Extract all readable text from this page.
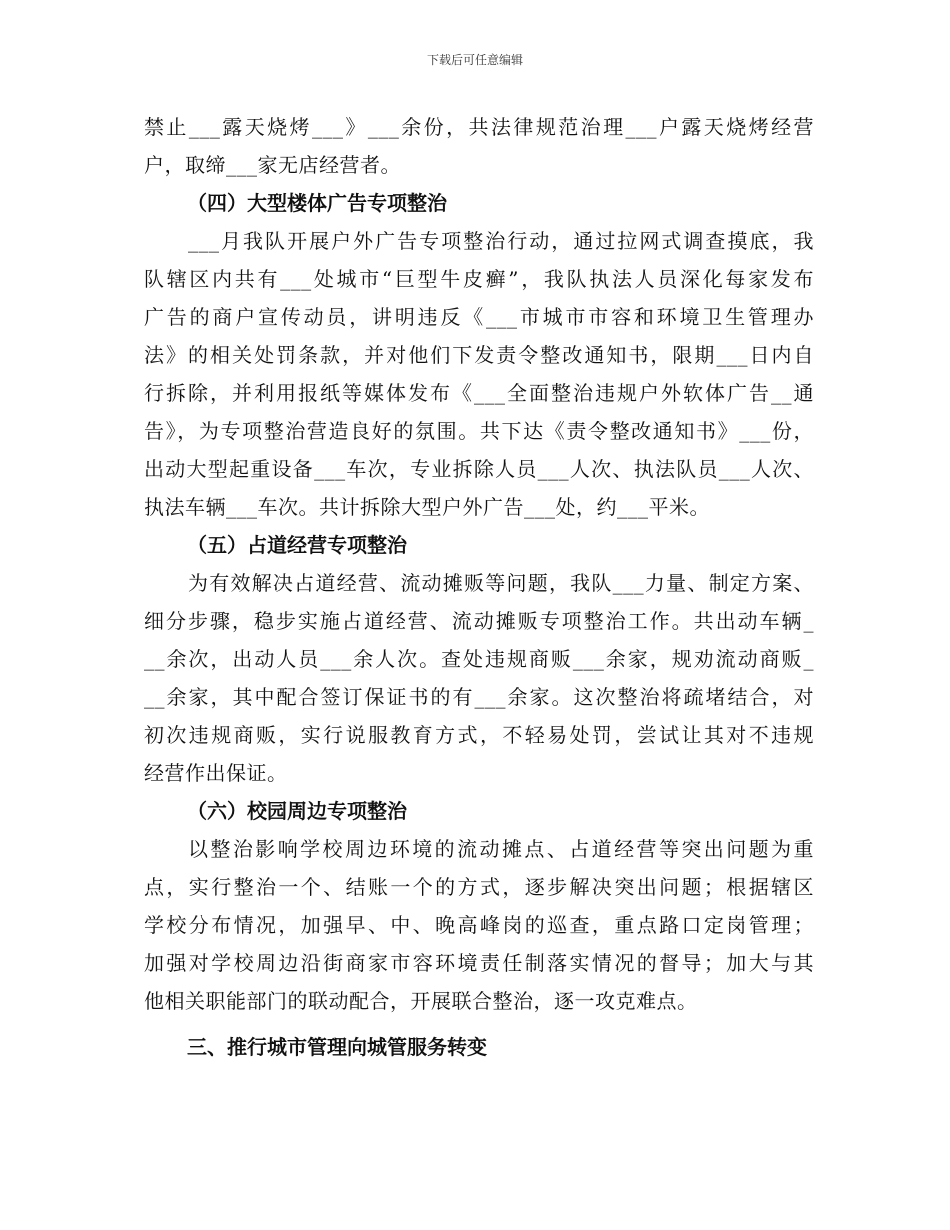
下载后可任意编辑
禁止___露天烧烤___》___余份，共法律规范治理___户露天烧烤经营
户，取缔___家无店经营者。
（四）大型楼体广告专项整治
___月我队开展户外广告专项整治行动，通过拉网式调查摸底，我
队辖区内共有___处城市“巨型牛皮癣”，我队执法人员深化每家发布
广告的商户宣传动员，讲明违反《___市城市市容和环境卫生管理办
法》的相关处罚条款，并对他们下发责令整改通知书，限期___日内自
行拆除，并利用报纸等媒体发布《___全面整治违规户外软体广告__通
告》，为专项整治营造良好的氛围。共下达《责令整改通知书》___份，
出动大型起重设备___车次，专业拆除人员___人次、执法队员___人次、
执法车辆___车次。共计拆除大型户外广告___处，约___平米。
（五）占道经营专项整治
为有效解决占道经营、流动摊贩等问题，我队___力量、制定方案、
细分步骤，稳步实施占道经营、流动摊贩专项整治工作。共出动车辆_
__余次，出动人员___余人次。查处违规商贩___余家，规劝流动商贩_
__余家，其中配合签订保证书的有___余家。这次整治将疏堵结合，对
初次违规商贩，实行说服教育方式，不轻易处罚，尝试让其对不违规
经营作出保证。
（六）校园周边专项整治
以整治影响学校周边环境的流动摊点、占道经营等突出问题为重
点，实行整治一个、结账一个的方式，逐步解决突出问题；根据辖区
学校分布情况，加强早、中、晚高峰岗的巡查，重点路口定岗管理；
加强对学校周边沿街商家市容环境责任制落实情况的督导；加大与其
他相关职能部门的联动配合，开展联合整治，逐一攻克难点。
三、推行城市管理向城管服务转变
